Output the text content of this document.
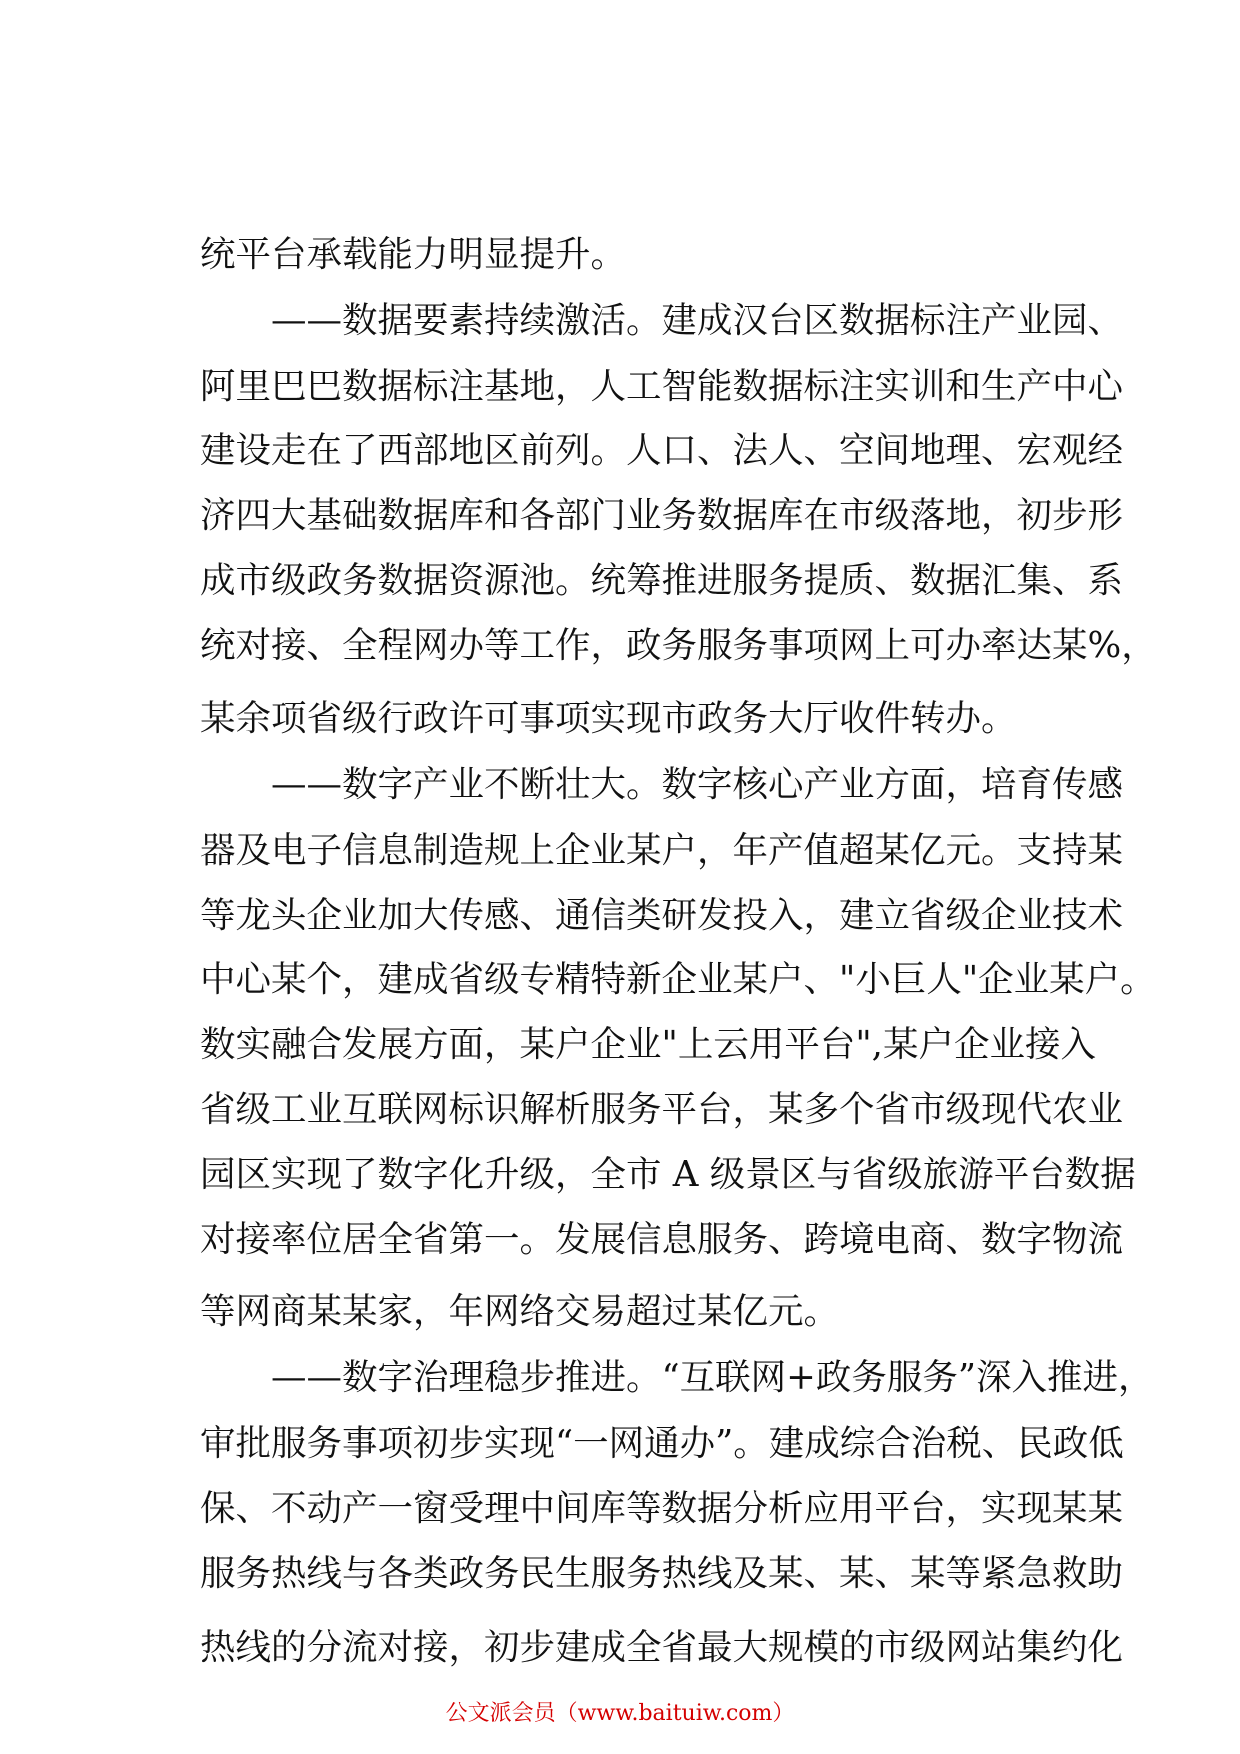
统平台承载能力明显提升。
——数据要素持续激活。建成汉台区数据标注产业园、
阿里巴巴数据标注基地，人工智能数据标注实训和生产中心
建设走在了西部地区前列。人口、法人、空间地理、宏观经
济四大基础数据库和各部门业务数据库在市级落地，初步形
成市级政务数据资源池。统筹推进服务提质、数据汇集、系
统对接、全程网办等工作，政务服务事项网上可办率达某%，
某余项省级行政许可事项实现市政务大厅收件转办。
——数字产业不断壮大。数字核心产业方面，培育传感
器及电子信息制造规上企业某户，年产值超某亿元。支持某
等龙头企业加大传感、通信类研发投入，建立省级企业技术
中心某个，建成省级专精特新企业某户、"小巨人"企业某户。
数实融合发展方面，某户企业"上云用平台",某户企业接入
省级工业互联网标识解析服务平台，某多个省市级现代农业
园区实现了数字化升级，全市 A 级景区与省级旅游平台数据
对接率位居全省第一。发展信息服务、跨境电商、数字物流
等网商某某家，年网络交易超过某亿元。
——数字治理稳步推进。“互联网+政务服务”深入推进，
审批服务事项初步实现“一网通办”。建成综合治税、民政低
保、不动产一窗受理中间库等数据分析应用平台，实现某某
服务热线与各类政务民生服务热线及某、某、某等紧急救助
热线的分流对接，初步建成全省最大规模的市级网站集约化
公文派会员（www.baituiw.com）
